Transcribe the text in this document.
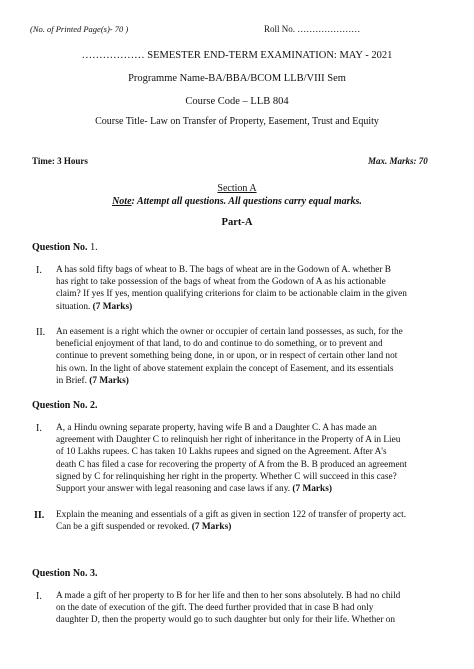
(No. of Printed Page(s)- 70 )	Roll No. …………………
……………… SEMESTER END-TERM EXAMINATION: MAY - 2021
Programme Name-BA/BBA/BCOM LLB/VIII Sem
Course Code – LLB 804
Course Title- Law on Transfer of Property, Easement, Trust and Equity
Time: 3 Hours	Max. Marks: 70
Section A
Note: Attempt all questions. All questions carry equal marks.
Part-A
Question No. 1.
I. A has sold fifty bags of wheat to B. The bags of wheat are in the Godown of A. whether B
has right to take possession of the bags of wheat from the Godown of A as his actionable
claim? If yes If yes, mention qualifying criterions for claim to be actionable claim in the given
situation. (7 Marks)
II. An easement is a right which the owner or occupier of certain land possesses, as such, for the
beneficial enjoyment of that land, to do and continue to do something, or to prevent and
continue to prevent something being done, in or upon, or in respect of certain other land not
his own. In the light of above statement explain the concept of Easement, and its essentials
in Brief. (7 Marks)
Question No. 2.
I. A, a Hindu owning separate property, having wife B and a Daughter C. A has made an
agreement with Daughter C to relinquish her right of inheritance in the Property of A in Lieu
of 10 Lakhs rupees. C has taken 10 Lakhs rupees and signed on the Agreement. After A's
death C has filed a case for recovering the property of A from the B. B produced an agreement
signed by C for relinquishing her right in the property. Whether C will succeed in this case?
Support your answer with legal reasoning and case laws if any. (7 Marks)
II. Explain the meaning and essentials of a gift as given in section 122 of transfer of property act.
Can be a gift suspended or revoked. (7 Marks)
Question No. 3.
I. A made a gift of her property to B for her life and then to her sons absolutely. B had no child
on the date of execution of the gift. The deed further provided that in case B had only
daughter D, then the property would go to such daughter but only for their life. Whether on
